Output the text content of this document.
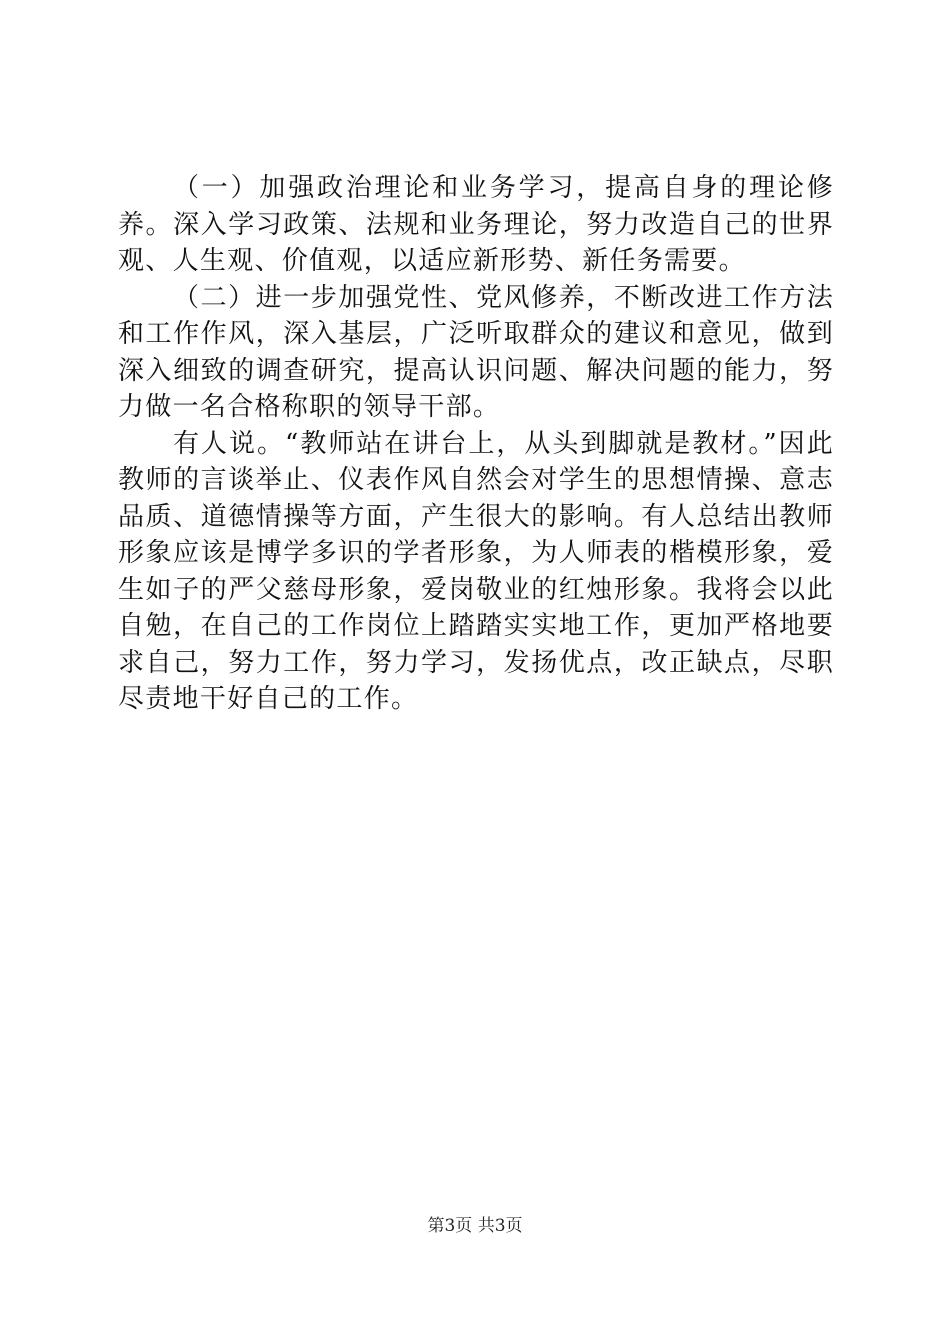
（一）加强政治理论和业务学习，提高自身的理论修养。深入学习政策、法规和业务理论，努力改造自己的世界观、人生观、价值观，以适应新形势、新任务需要。

（二）进一步加强党性、党风修养，不断改进工作方法和工作作风，深入基层，广泛听取群众的建议和意见，做到深入细致的调查研究，提高认识问题、解决问题的能力，努力做一名合格称职的领导干部。

有人说。“教师站在讲台上，从头到脚就是教材。”因此教师的言谈举止、仪表作风自然会对学生的思想情操、意志品质、道德情操等方面，产生很大的影响。有人总结出教师形象应该是博学多识的学者形象，为人师表的楷模形象，爱生如子的严父慈母形象，爱岗敬业的红烛形象。我将会以此自勉，在自己的工作岗位上踏踏实实地工作，更加严格地要求自己，努力工作，努力学习，发扬优点，改正缺点，尽职尽责地干好自己的工作。

第3页 共3页
